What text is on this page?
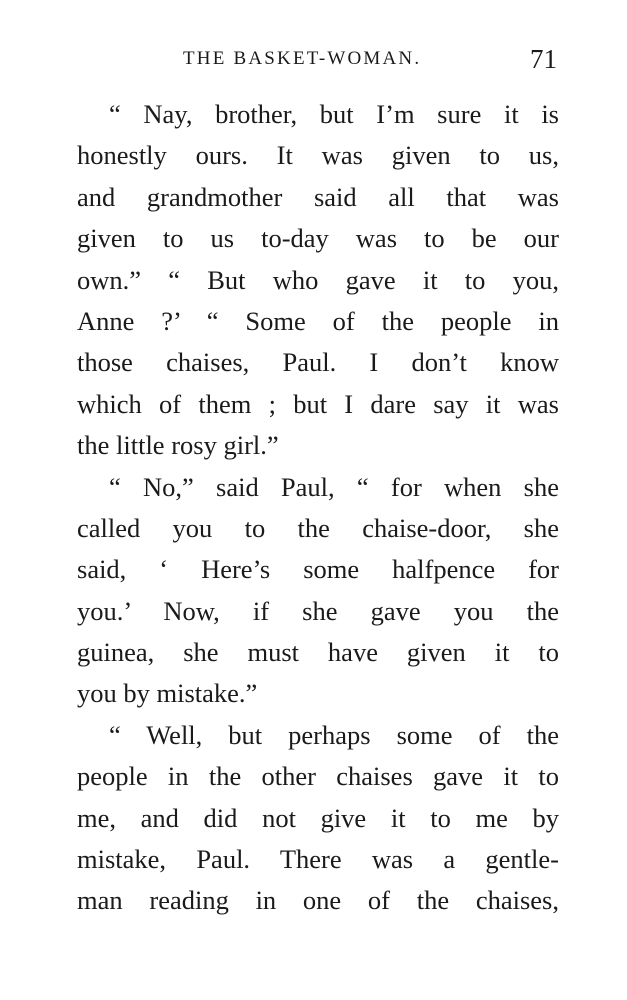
THE BASKET-WOMAN.	71
“ Nay, brother, but I’m sure it is
honestly ours. It was given to us,
and grandmother said all that was
given to us to-day was to be our
own.” “ But who gave it to you,
Anne ?’ “ Some of the people in
those chaises, Paul. I don’t know
which of them ; but I dare say it was
the little rosy girl.”
“ No,” said Paul, “ for when she
called you to the chaise-door, she
said, ‘ Here’s some halfpence for
you.’ Now, if she gave you the
guinea, she must have given it to
you by mistake.”
“ Well, but perhaps some of the
people in the other chaises gave it to
me, and did not give it to me by
mistake, Paul. There was a gentle-
man reading in one of the chaises,
